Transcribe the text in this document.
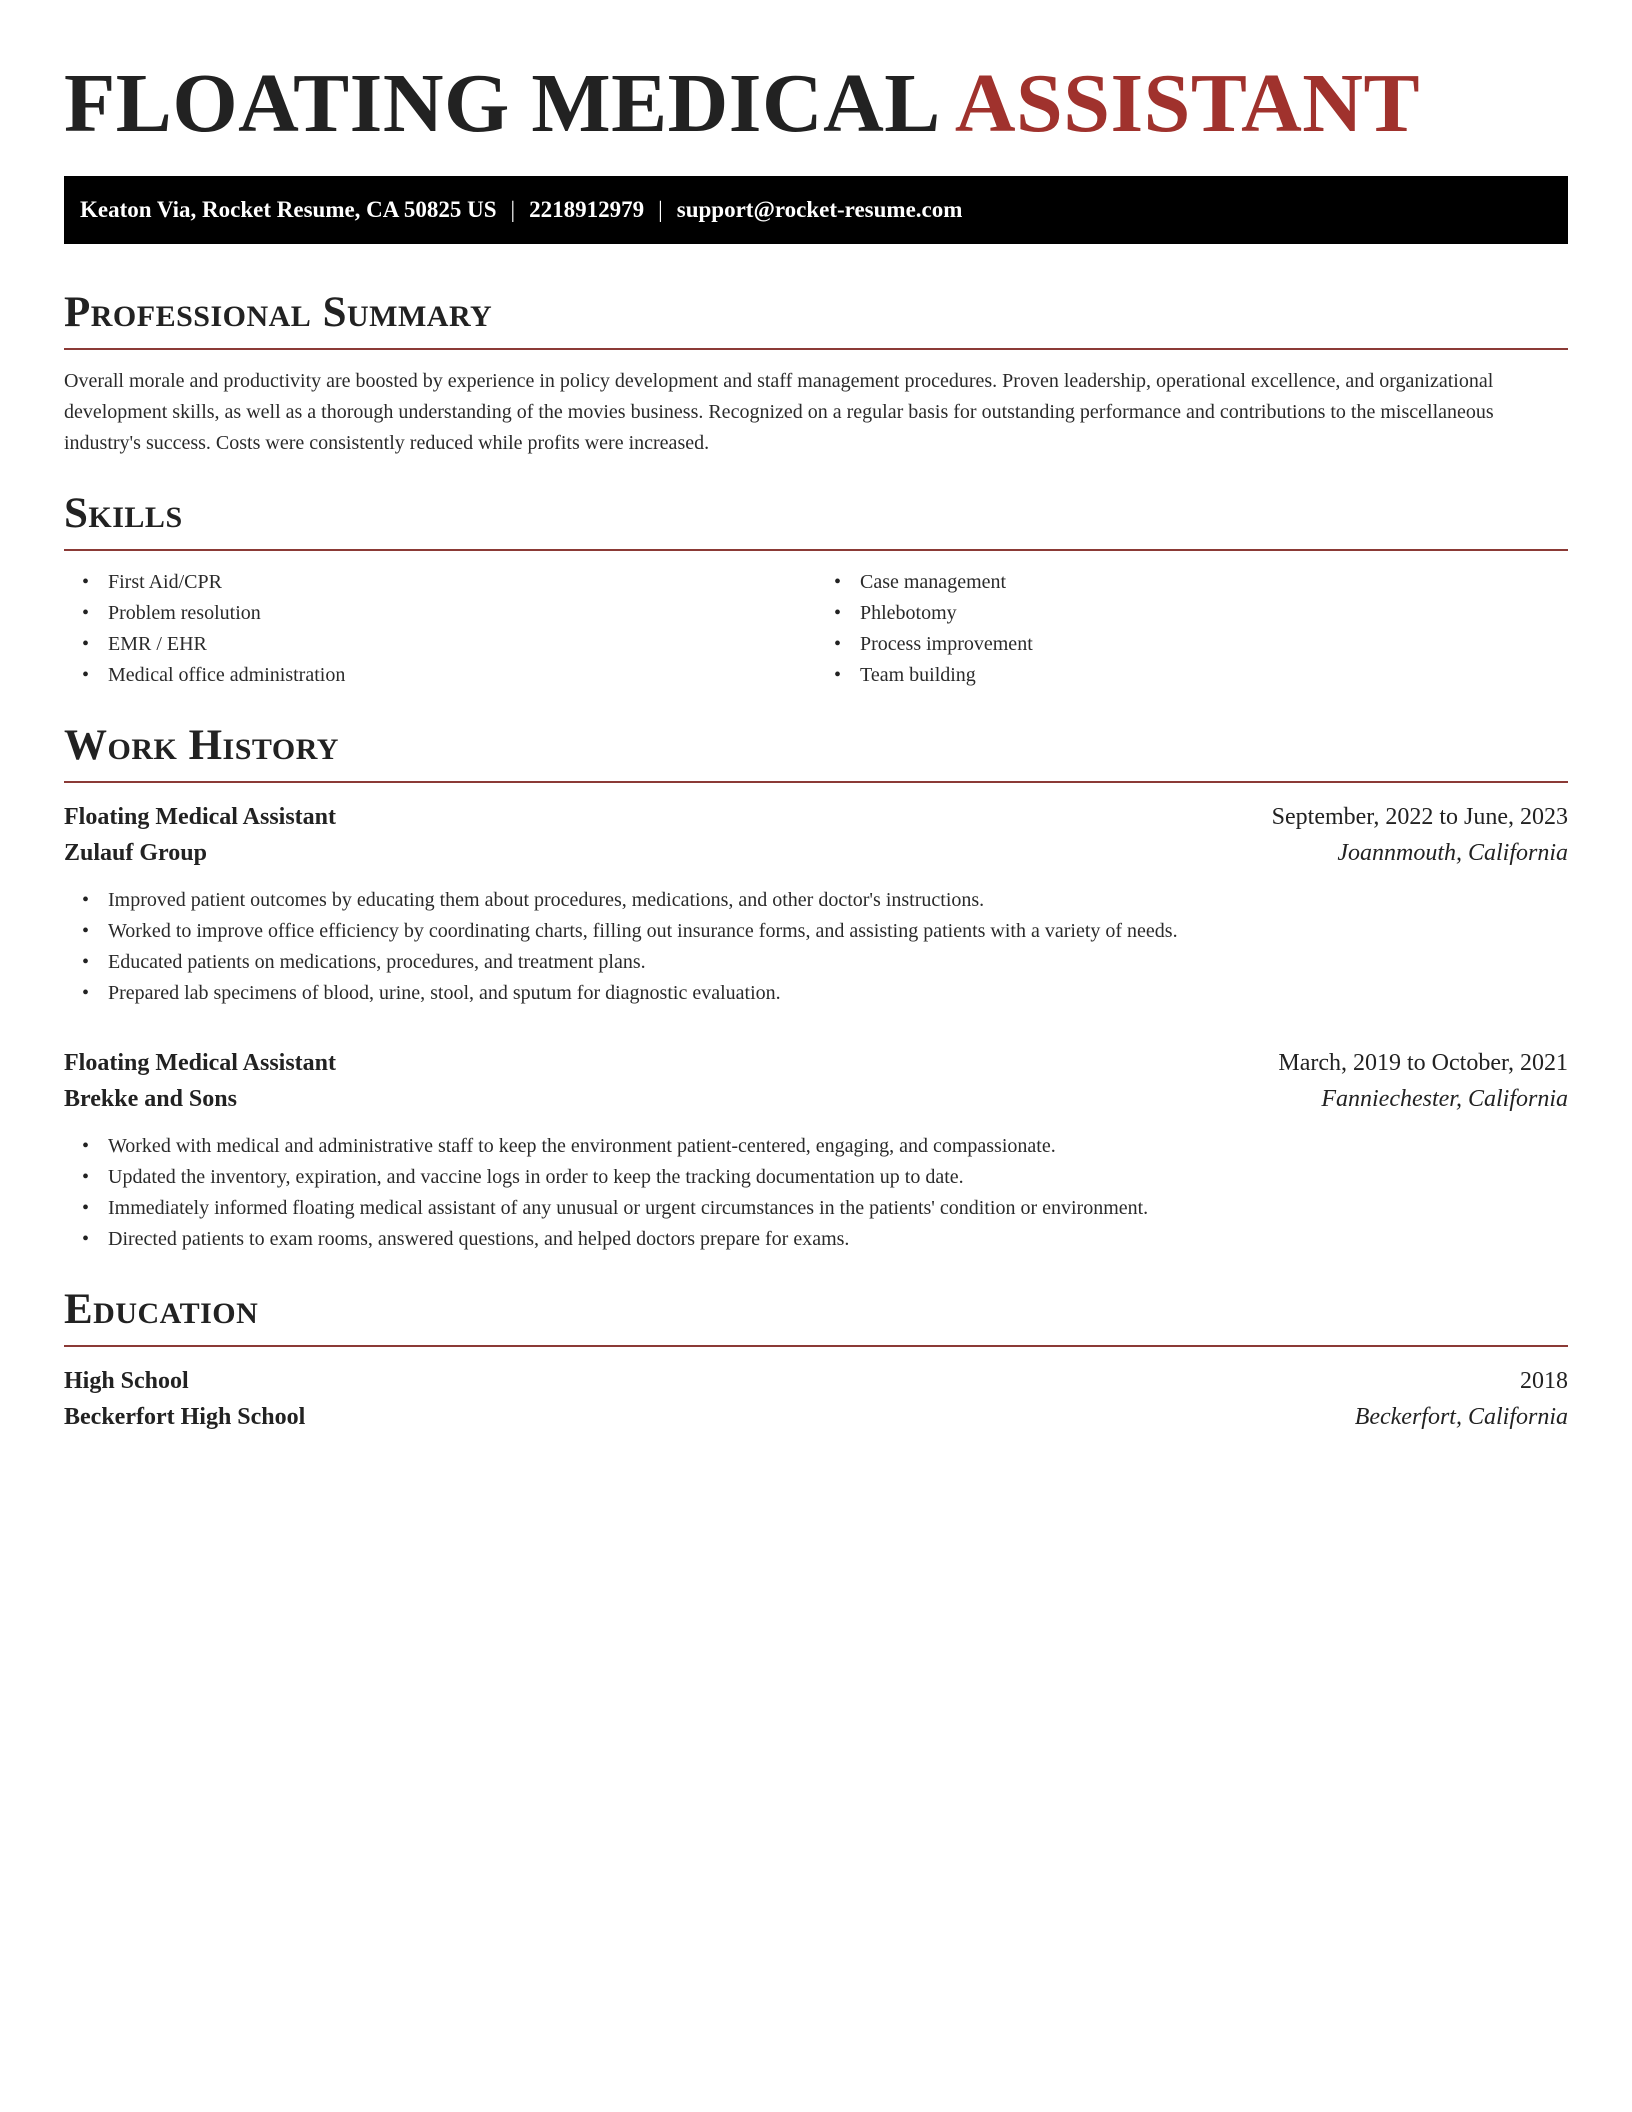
FLOATING MEDICAL ASSISTANT
Keaton Via, Rocket Resume, CA 50825 US | 2218912979 | support@rocket-resume.com
Professional Summary

Overall morale and productivity are boosted by experience in policy development and staff management procedures. Proven leadership, operational excellence, and organizational development skills, as well as a thorough understanding of the movies business. Recognized on a regular basis for outstanding performance and contributions to the miscellaneous industry's success. Costs were consistently reduced while profits were increased.

Skills
• First Aid/CPR
• Problem resolution
• EMR / EHR
• Medical office administration
• Case management
• Phlebotomy
• Process improvement
• Team building
Work History
Floating Medical Assistant	September, 2022 to June, 2023
Zulauf Group	Joannmouth, California
• Improved patient outcomes by educating them about procedures, medications, and other doctor's instructions.
• Worked to improve office efficiency by coordinating charts, filling out insurance forms, and assisting patients with a variety of needs.
• Educated patients on medications, procedures, and treatment plans.
• Prepared lab specimens of blood, urine, stool, and sputum for diagnostic evaluation.
Floating Medical Assistant	March, 2019 to October, 2021
Brekke and Sons	Fanniechester, California
• Worked with medical and administrative staff to keep the environment patient-centered, engaging, and compassionate.
• Updated the inventory, expiration, and vaccine logs in order to keep the tracking documentation up to date.
• Immediately informed floating medical assistant of any unusual or urgent circumstances in the patients' condition or environment.
• Directed patients to exam rooms, answered questions, and helped doctors prepare for exams.
Education
High School	2018
Beckerfort High School	Beckerfort, California
